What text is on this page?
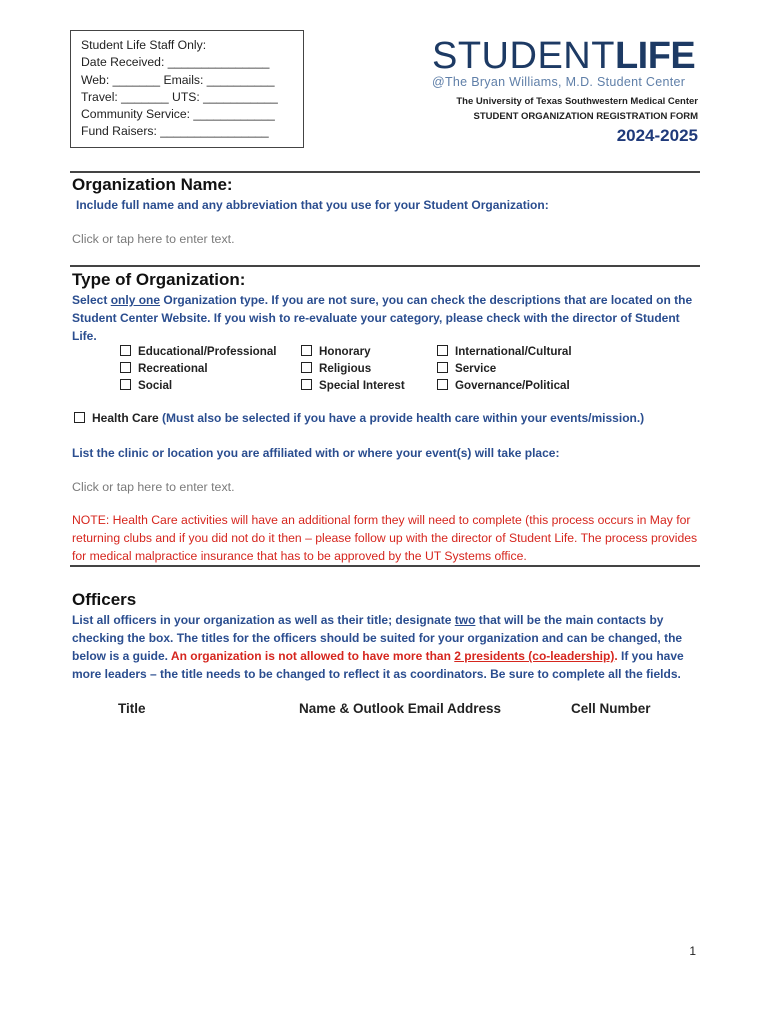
Student Life Staff Only:
Date Received: _______________
Web: _______ Emails: __________
Travel: _______ UTS: ___________
Community Service: ____________
Fund Raisers: ________________
STUDENTLIFE
@The Bryan Williams, M.D. Student Center
The University of Texas Southwestern Medical Center
STUDENT ORGANIZATION REGISTRATION FORM
2024-2025
Organization Name:
Include full name and any abbreviation that you use for your Student Organization:
Click or tap here to enter text.
Type of Organization:
Select only one Organization type. If you are not sure, you can check the descriptions that are located on the Student Center Website. If you wish to re-evaluate your category, please check with the director of Student Life.
Educational/Professional
Recreational
Social
Honorary
Religious
Special Interest
International/Cultural
Service
Governance/Political
Health Care (Must also be selected if you have a provide health care within your events/mission.)
List the clinic or location you are affiliated with or where your event(s) will take place:
Click or tap here to enter text.
NOTE: Health Care activities will have an additional form they will need to complete (this process occurs in May for returning clubs and if you did not do it then – please follow up with the director of Student Life. The process provides for medical malpractice insurance that has to be approved by the UT Systems office.
Officers
List all officers in your organization as well as their title; designate two that will be the main contacts by checking the box. The titles for the officers should be suited for your organization and can be changed, the below is a guide. An organization is not allowed to have more than 2 presidents (co-leadership). If you have more leaders – the title needs to be changed to reflect it as coordinators. Be sure to complete all the fields.
Title	Name & Outlook Email Address	Cell Number
1
